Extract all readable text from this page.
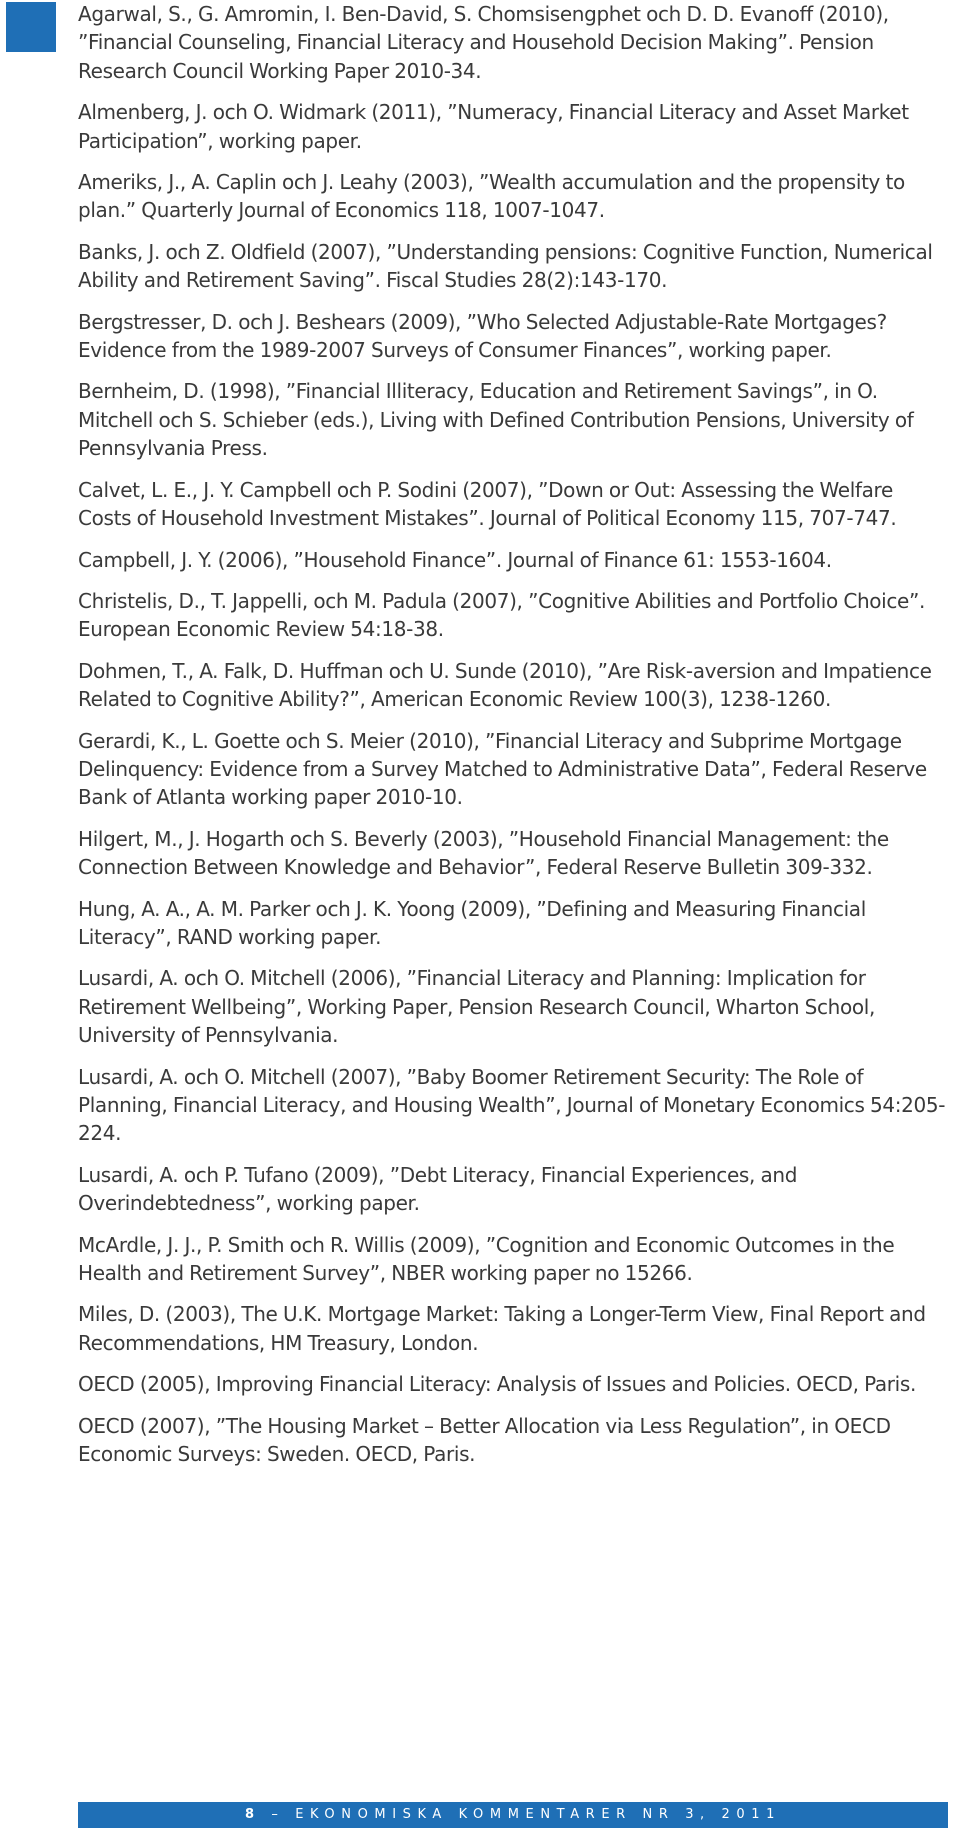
Agarwal, S., G. Amromin, I. Ben-David, S. Chomsisengphet och D. D. Evanoff (2010), ”Financial Counseling, Financial Literacy and Household Decision Making”. Pension Research Council Working Paper 2010-34.
Almenberg, J. och O. Widmark (2011), ”Numeracy, Financial Literacy and Asset Market Participation”, working paper.
Ameriks, J., A. Caplin och J. Leahy (2003), ”Wealth accumulation and the propensity to plan.” Quarterly Journal of Economics 118, 1007-1047.
Banks, J. och Z. Oldfield (2007), ”Understanding pensions: Cognitive Function, Numerical Ability and Retirement Saving”. Fiscal Studies 28(2):143-170.
Bergstresser, D. och J. Beshears (2009), ”Who Selected Adjustable-Rate Mortgages? Evidence from the 1989-2007 Surveys of Consumer Finances”, working paper.
Bernheim, D. (1998), ”Financial Illiteracy, Education and Retirement Savings”, in O. Mitchell och S. Schieber (eds.), Living with Defined Contribution Pensions, University of Pennsylvania Press.
Calvet, L. E., J. Y. Campbell och P. Sodini (2007), ”Down or Out: Assessing the Welfare Costs of Household Investment Mistakes”. Journal of Political Economy 115, 707-747.
Campbell, J. Y. (2006), ”Household Finance”. Journal of Finance 61: 1553-1604.
Christelis, D., T. Jappelli, och M. Padula (2007), ”Cognitive Abilities and Portfolio Choice”. European Economic Review 54:18-38.
Dohmen, T., A. Falk, D. Huffman och U. Sunde (2010), ”Are Risk-aversion and Impatience Related to Cognitive Ability?”, American Economic Review 100(3), 1238-1260.
Gerardi, K., L. Goette och S. Meier (2010), ”Financial Literacy and Subprime Mortgage Delinquency: Evidence from a Survey Matched to Administrative Data”, Federal Reserve Bank of Atlanta working paper 2010-10.
Hilgert, M., J. Hogarth och S. Beverly (2003), ”Household Financial Management: the Connection Between Knowledge and Behavior”, Federal Reserve Bulletin 309-332.
Hung, A. A., A. M. Parker och J. K. Yoong (2009), ”Defining and Measuring Financial Literacy”, RAND working paper.
Lusardi, A. och O. Mitchell (2006), ”Financial Literacy and Planning: Implication for Retirement Wellbeing”, Working Paper, Pension Research Council, Wharton School, University of Pennsylvania.
Lusardi, A. och O. Mitchell (2007), ”Baby Boomer Retirement Security: The Role of Planning, Financial Literacy, and Housing Wealth”, Journal of Monetary Economics 54:205-224.
Lusardi, A. och P. Tufano (2009), ”Debt Literacy, Financial Experiences, and Overindebtedness”, working paper.
McArdle, J. J., P. Smith och R. Willis (2009), ”Cognition and Economic Outcomes in the Health and Retirement Survey”, NBER working paper no 15266.
Miles, D. (2003), The U.K. Mortgage Market: Taking a Longer-Term View, Final Report and Recommendations, HM Treasury, London.
OECD (2005), Improving Financial Literacy: Analysis of Issues and Policies. OECD, Paris.
OECD (2007), ”The Housing Market – Better Allocation via Less Regulation”, in OECD Economic Surveys: Sweden. OECD, Paris.
8 – EKONOMISKA KOMMENTARER NR 3, 2011
